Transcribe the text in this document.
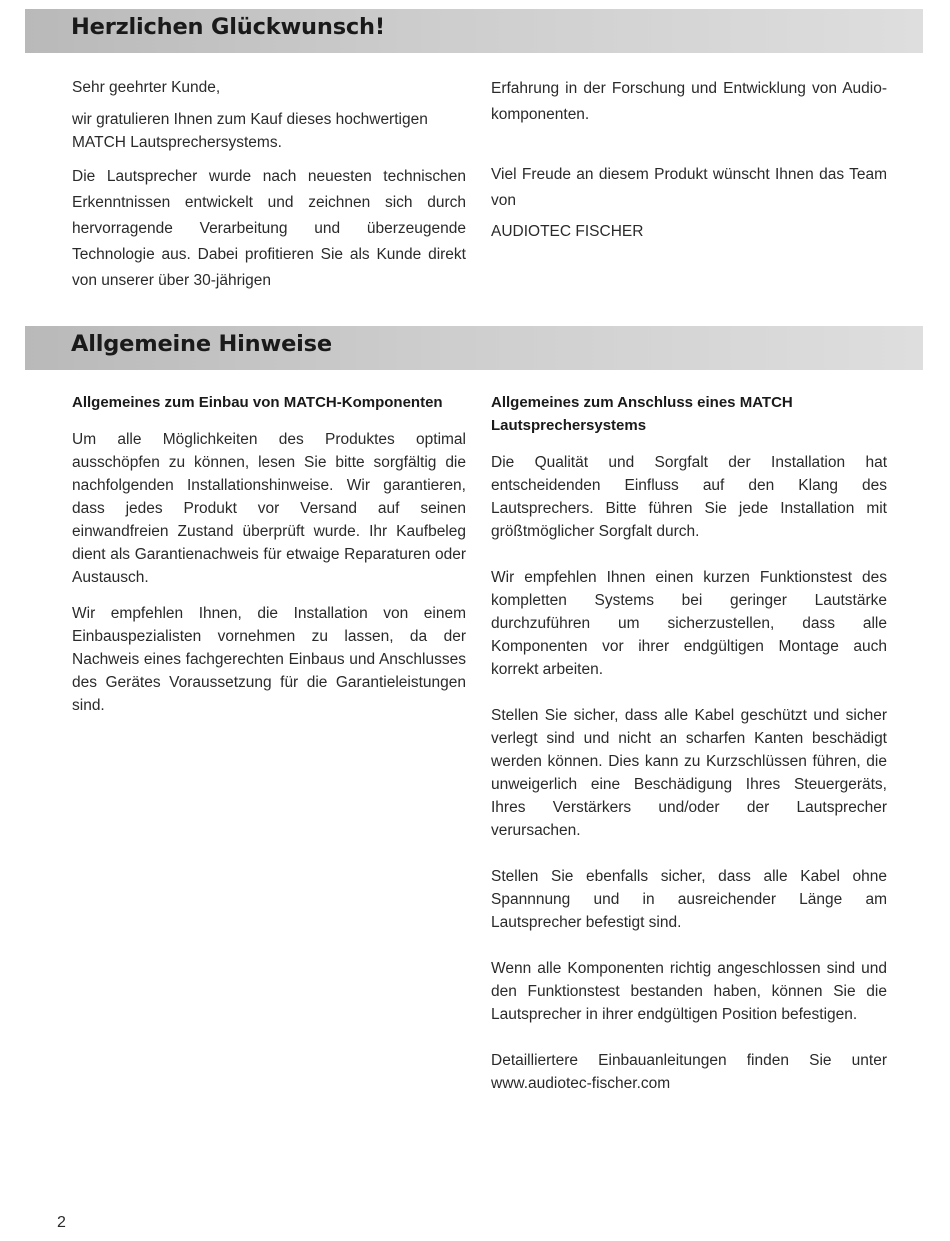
Herzlichen Glückwunsch!

Sehr geehrter Kunde,

wir gratulieren Ihnen zum Kauf dieses hochwertigen MATCH Lautsprechersystems.

Die Lautsprecher wurde nach neuesten technischen Erkenntnissen entwickelt und zeichnen sich durch hervorragende Verarbeitung und überzeugende Technologie aus. Dabei profitieren Sie als Kunde direkt von unserer über 30-jährigen

Erfahrung in der Forschung und Entwicklung von Audio-komponenten.

Viel Freude an diesem Produkt wünscht Ihnen das Team von

AUDIOTEC FISCHER

Allgemeine Hinweise
Allgemeines zum Einbau von MATCH-Komponenten

Um alle Möglichkeiten des Produktes optimal ausschöpfen zu können, lesen Sie bitte sorgfältig die nachfolgenden Installationshinweise. Wir garantieren, dass jedes Produkt vor Versand auf seinen einwandfreien Zustand überprüft wurde. Ihr Kaufbeleg dient als Garantienachweis für etwaige Reparaturen oder Austausch.

Wir empfehlen Ihnen, die Installation von einem Einbauspezialisten vornehmen zu lassen, da der Nachweis eines fachgerechten Einbaus und Anschlusses des Gerätes Voraussetzung für die Garantieleistungen sind.

Allgemeines zum Anschluss eines MATCH Lautsprechersystems

Die Qualität und Sorgfalt der Installation hat entscheidenden Einfluss auf den Klang des Lautsprechers. Bitte führen Sie jede Installation mit größtmöglicher Sorgfalt durch.

Wir empfehlen Ihnen einen kurzen Funktionstest des kompletten Systems bei geringer Lautstärke durchzuführen um sicherzustellen, dass alle Komponenten vor ihrer endgültigen Montage auch korrekt arbeiten.

Stellen Sie sicher, dass alle Kabel geschützt und sicher verlegt sind und nicht an scharfen Kanten beschädigt werden können. Dies kann zu Kurzschlüssen führen, die unweigerlich eine Beschädigung Ihres Steuergeräts, Ihres Verstärkers und/oder der Lautsprecher verursachen.

Stellen Sie ebenfalls sicher, dass alle Kabel ohne Spannnung und in ausreichender Länge am Lautsprecher befestigt sind.

Wenn alle Komponenten richtig angeschlossen sind und den Funktionstest bestanden haben, können Sie die Lautsprecher in ihrer endgültigen Position befestigen.

Detailliertere Einbauanleitungen finden Sie unter www.audiotec-fischer.com

2
